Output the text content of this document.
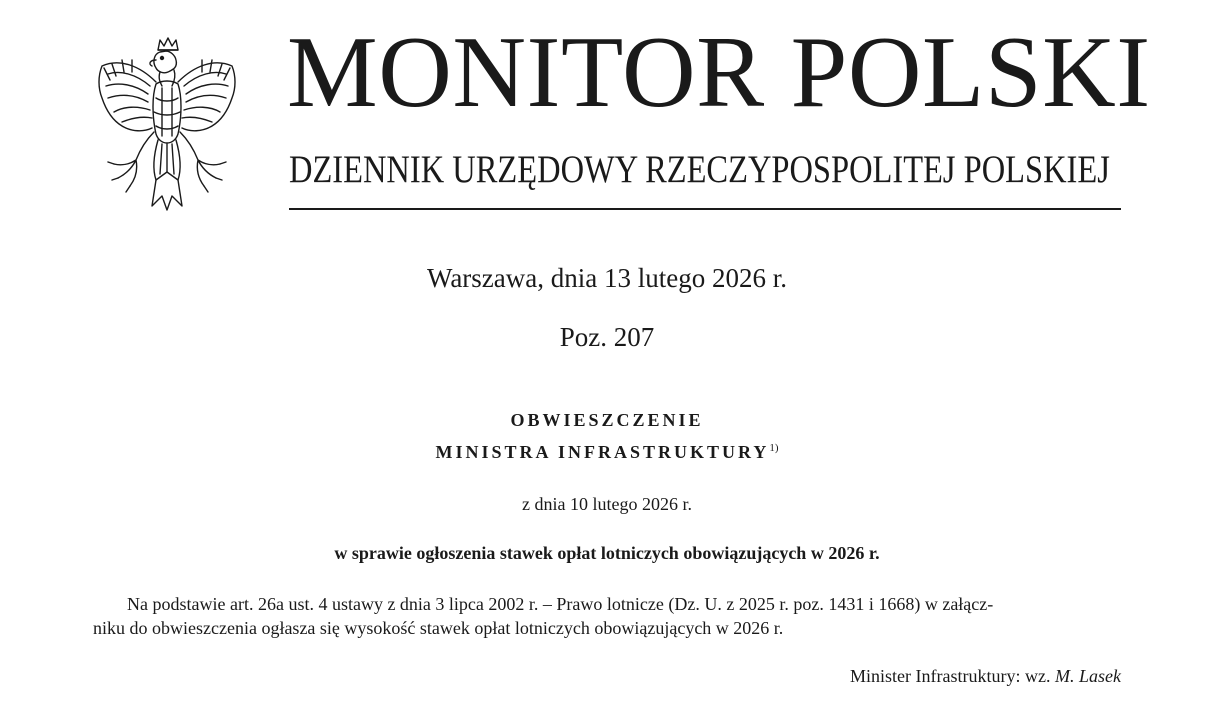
MONITOR POLSKI
DZIENNIK URZĘDOWY RZECZYPOSPOLITEJ POLSKIEJ
Warszawa, dnia 13 lutego 2026 r.
Poz. 207
OBWIESZCZENIE
MINISTRA INFRASTRUKTURY$^{1)}$
z dnia 10 lutego 2026 r.
w sprawie ogłoszenia stawek opłat lotniczych obowiązujących w 2026 r.

Na podstawie art. 26a ust. 4 ustawy z dnia 3 lipca 2002 r. – Prawo lotnicze (Dz. U. z 2025 r. poz. 1431 i 1668) w załącz-
niku do obwieszczenia ogłasza się wysokość stawek opłat lotniczych obowiązujących w 2026 r.

Minister Infrastruktury: wz. M. Lasek
